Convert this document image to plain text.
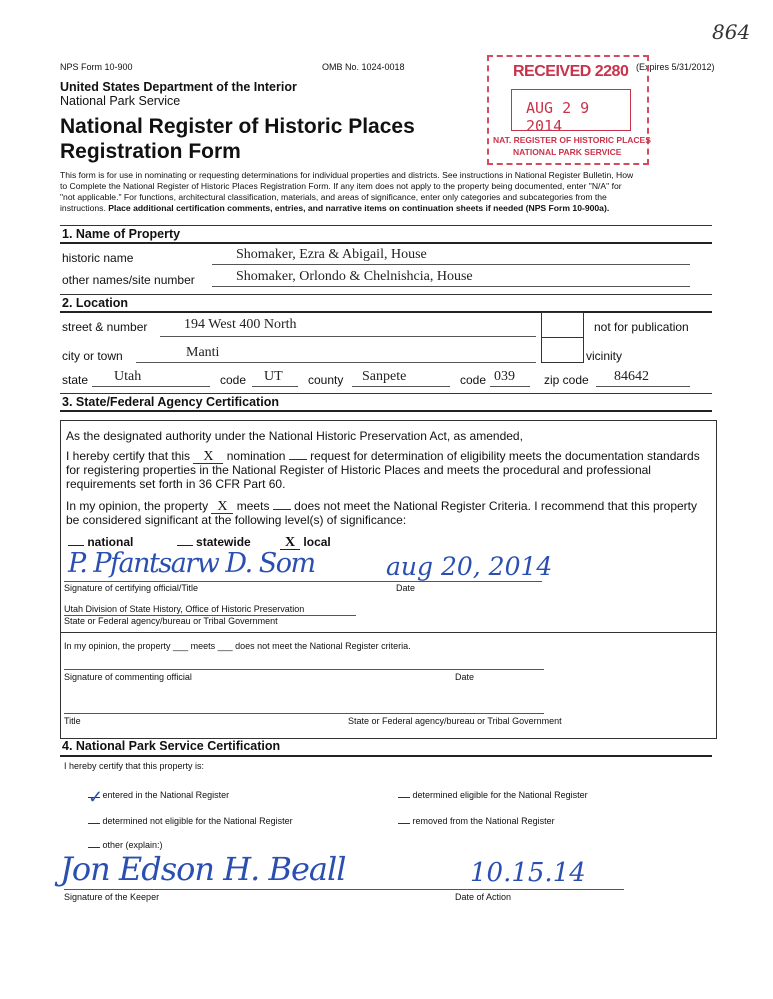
864
NPS Form 10-900	OMB No. 1024-0018	(Expires 5/31/2012)
United States Department of the Interior
National Park Service
National Register of Historic Places
Registration Form
RECEIVED 2280
AUG 2 9 2014
NAT. REGISTER OF HISTORIC PLACES
NATIONAL PARK SERVICE
This form is for use in nominating or requesting determinations for individual properties and districts. See instructions in National Register Bulletin, How
to Complete the National Register of Historic Places Registration Form. If any item does not apply to the property being documented, enter "N/A" for
"not applicable." For functions, architectural classification, materials, and areas of significance, enter only categories and subcategories from the
instructions. Place additional certification comments, entries, and narrative items on continuation sheets if needed (NPS Form 10-900a).
1. Name of Property
historic name	Shomaker, Ezra & Abigail, House
other names/site number	Shomaker, Orlondo & Chelnishcia, House
2. Location
street & number	194 West 400 North	not for publication
city or town	Manti	vicinity
state Utah	code UT county Sanpete	code 039 zip code 84642
3. State/Federal Agency Certification
As the designated authority under the National Historic Preservation Act, as amended,
I hereby certify that this X nomination request for determination of eligibility meets the documentation standards
for registering properties in the National Register of Historic Places and meets the procedural and professional
requirements set forth in 36 CFR Part 60.
In my opinion, the property X meets does not meet the National Register Criteria. I recommend that this property
be considered significant at the following level(s) of significance:
national	statewide X local
P. Pfantsarw D. Som	aug 20, 2014
Signature of certifying official/Title	Date
Utah Division of State History, Office of Historic Preservation
State or Federal agency/bureau or Tribal Government
In my opinion, the property ___ meets ___ does not meet the National Register criteria.
Signature of commenting official	Date
Title	State or Federal agency/bureau or Tribal Government
4. National Park Service Certification
I hereby certify that this property is:
✓ entered in the National Register	determined eligible for the National Register
determined not eligible for the National Register	removed from the National Register
other (explain:)
Jon Edson H. Beall	10.15.14
Signature of the Keeper	Date of Action
